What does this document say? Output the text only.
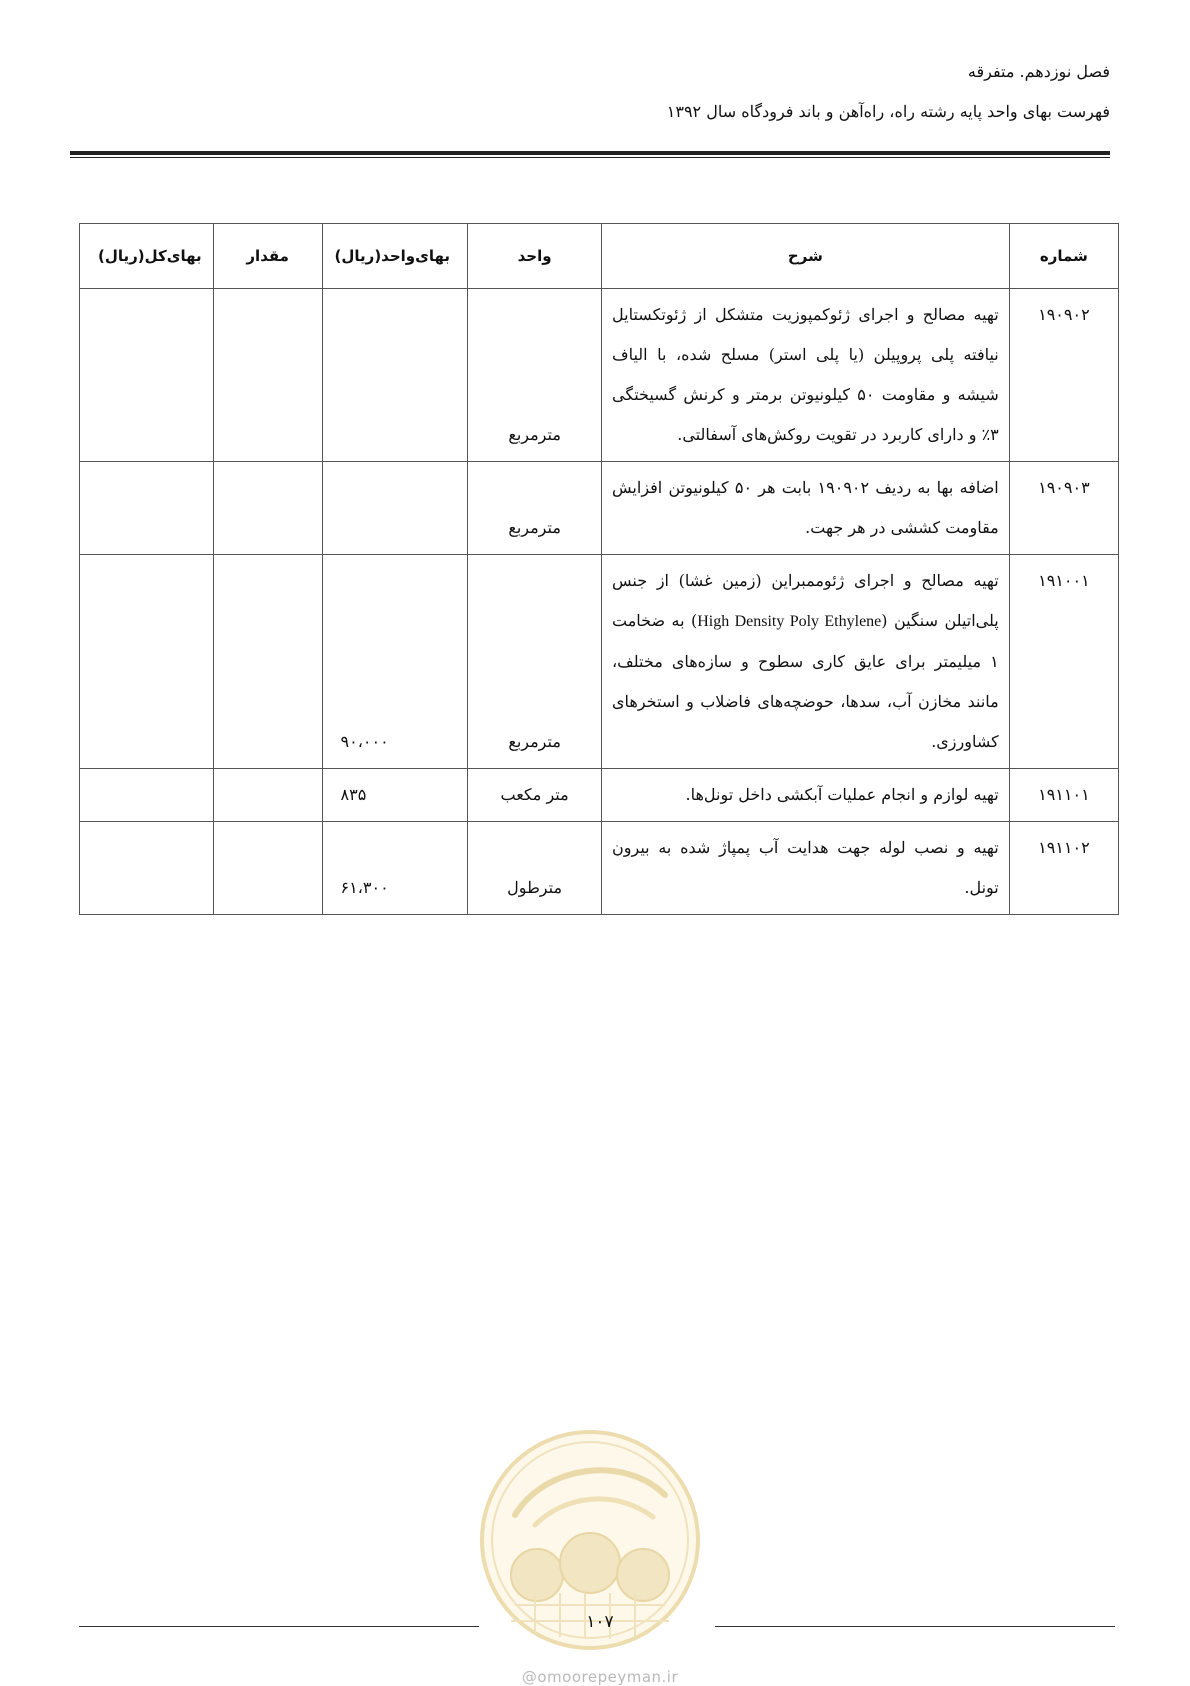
فصل نوزدهم. متفرقه
فهرست بهای واحد پایه رشته راه، راه‌آهن و باند فرودگاه سال ۱۳۹۲
شماره	شرح	واحد	بهای‌واحد(ریال)	مقدار	بهای‌کل(ریال)
۱۹۰۹۰۲	تهیه مصالح و اجرای ژئوکمپوزیت متشکل از ژئوتکستایل نیافته پلی پروپیلن (یا پلی استر) مسلح شده، با الیاف شیشه و مقاومت ۵۰ کیلونیوتن برمتر و کرنش گسیختگی ۳٪ و دارای کاربرد در تقویت روکش‌های آسفالتی.	مترمربع			
۱۹۰۹۰۳	اضافه بها به ردیف ۱۹۰۹۰۲ بابت هر ۵۰ کیلونیوتن افزایش مقاومت کششی در هر جهت.	مترمربع			
۱۹۱۰۰۱	تهیه مصالح و اجرای ژئوممبراین (زمین غشا) از جنس پلی‌اتیلن سنگین (High Density Poly Ethylene) به ضخامت ۱ میلیمتر برای عایق کاری سطوح و سازه‌های مختلف، مانند مخازن آب، سدها، حوضچه‌های فاضلاب و استخرهای کشاورزی.	مترمربع	۹۰،۰۰۰		
۱۹۱۱۰۱	تهیه لوازم و انجام عملیات آبکشی داخل تونل‌ها.	متر مکعب	۸۳۵		
۱۹۱۱۰۲	تهیه و نصب لوله جهت هدایت آب پمپاژ شده به بیرون تونل.	مترطول	۶۱،۳۰۰		
۱۰۷
@omoorepeyman.ir
